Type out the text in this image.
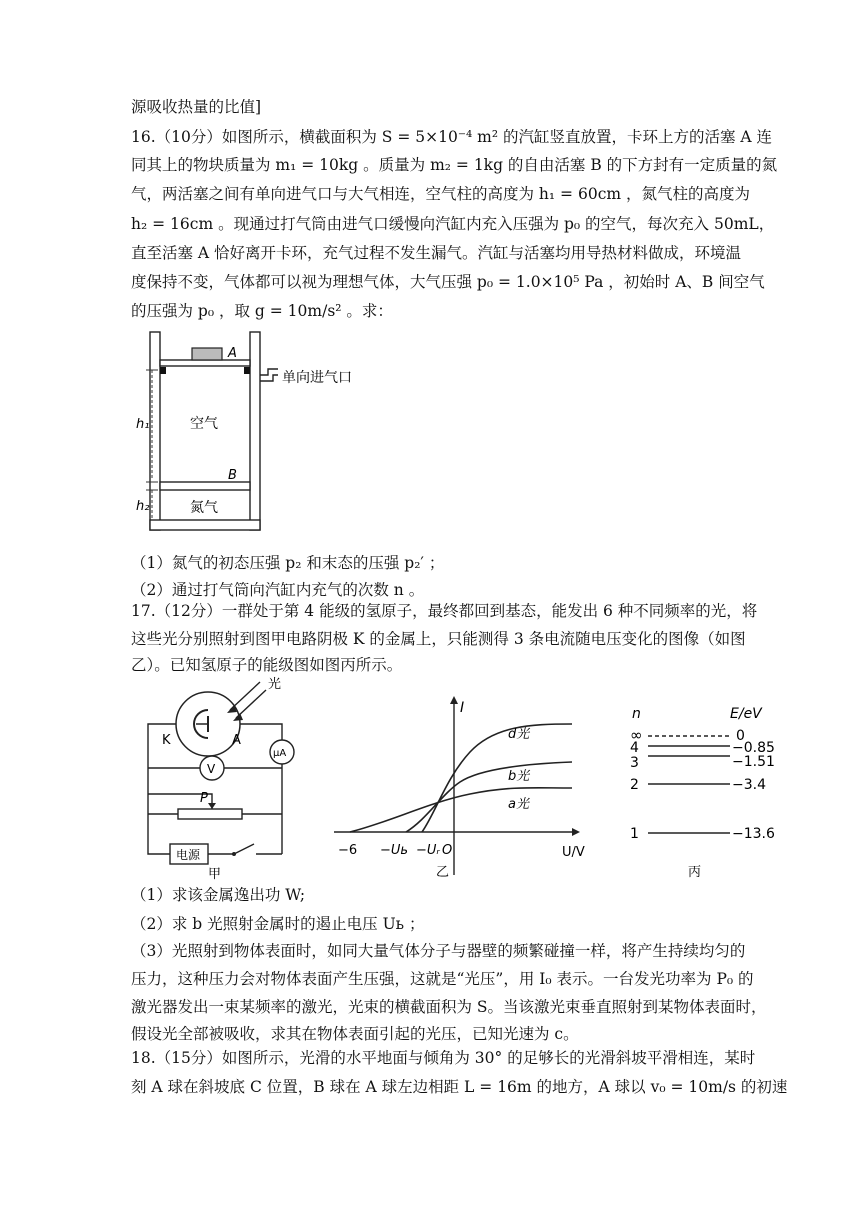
源吸收热量的比值]
16.（10分）如图所示，横截面积为 S = 5×10⁻⁴ m² 的汽缸竖直放置，卡环上方的活塞 A 连
同其上的物块质量为 m₁ = 10kg 。质量为 m₂ = 1kg 的自由活塞 B 的下方封有一定质量的氮
气，两活塞之间有单向进气口与大气相连，空气柱的高度为 h₁ = 60cm ，氮气柱的高度为
h₂ = 16cm 。现通过打气筒由进气口缓慢向汽缸内充入压强为 p₀ 的空气，每次充入 50mL，
直至活塞 A 恰好离开卡环，充气过程不发生漏气。汽缸与活塞均用导热材料做成，环境温
度保持不变，气体都可以视为理想气体，大气压强 p₀ = 1.0×10⁵ Pa ，初始时 A、B 间空气
的压强为 p₀ ，取 g = 10m/s² 。求：
A
B
单向进气口
h₁
h₂
空气
氮气
（1）氮气的初态压强 p₂ 和末态的压强 p₂′ ；
（2）通过打气筒向汽缸内充气的次数 n 。
17.（12分）一群处于第 4 能级的氢原子，最终都回到基态，能发出 6 种不同频率的光，将
这些光分别照射到图甲电路阴极 K 的金属上，只能测得 3 条电流随电压变化的图像（如图
乙）。已知氢原子的能级图如图丙所示。
光
K	A
μA
V
P
电源
甲
I
U/V
d光
b光
a光
−6 −Uь −Uᵣ O
乙
n	E/eV
∞	0
4	−0.85
3	−1.51
2	−3.4
1	−13.6
丙
（1）求该金属逸出功 W;
（2）求 b 光照射金属时的遏止电压 Uь ；
（3）光照射到物体表面时，如同大量气体分子与器壁的频繁碰撞一样，将产生持续均匀的
压力，这种压力会对物体表面产生压强，这就是“光压”，用 I₀ 表示。一台发光功率为 P₀ 的
激光器发出一束某频率的激光，光束的横截面积为 S。当该激光束垂直照射到某物体表面时，
假设光全部被吸收，求其在物体表面引起的光压，已知光速为 c。
18.（15分）如图所示，光滑的水平地面与倾角为 30° 的足够长的光滑斜坡平滑相连，某时
刻 A 球在斜坡底 C 位置，B 球在 A 球左边相距 L = 16m 的地方，A 球以 v₀ = 10m/s 的初速
